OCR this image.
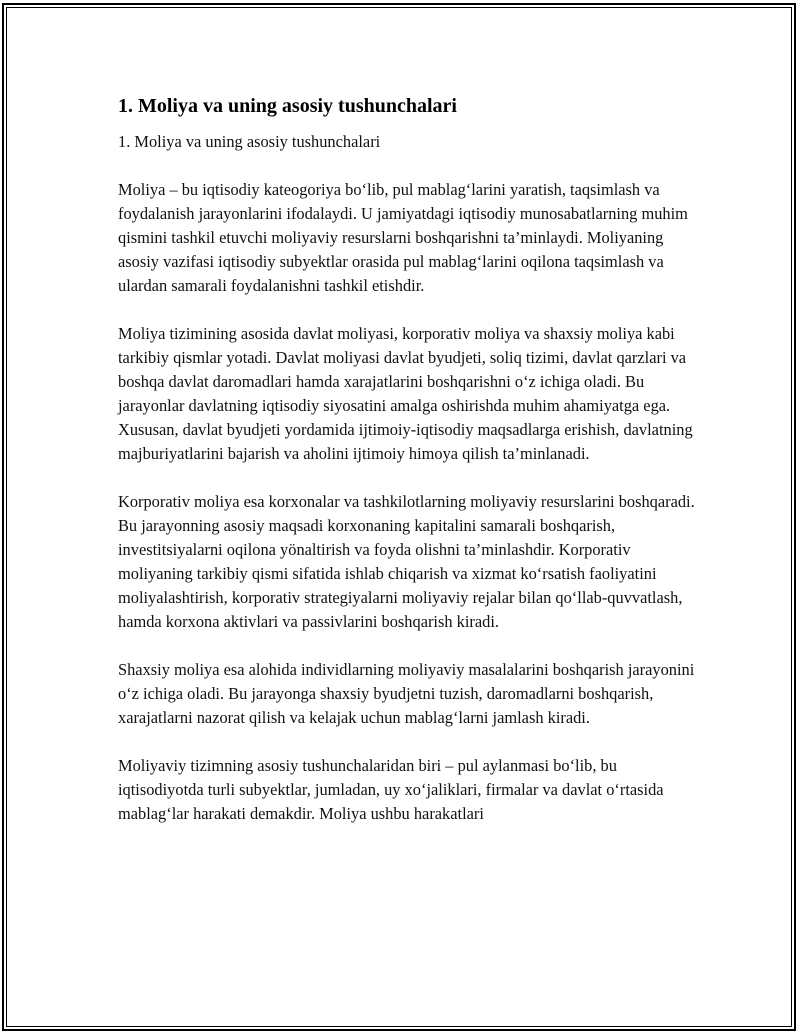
1. Moliya va uning asosiy tushunchalari
1. Moliya va uning asosiy tushunchalari

Moliya – bu iqtisodiy kateogoriya bo‘lib, pul mablag‘larini yaratish, taqsimlash va foydalanish jarayonlarini ifodalaydi. U jamiyatdagi iqtisodiy munosabatlarning muhim qismini tashkil etuvchi moliyaviy resurslarni boshqarishni ta’minlaydi. Moliyaning asosiy vazifasi iqtisodiy subyektlar orasida pul mablag‘larini oqilona taqsimlash va ulardan samarali foydalanishni tashkil etishdir.

Moliya tizimining asosida davlat moliyasi, korporativ moliya va shaxsiy moliya kabi tarkibiy qismlar yotadi. Davlat moliyasi davlat byudjeti, soliq tizimi, davlat qarzlari va boshqa davlat daromadlari hamda xarajatlarini boshqarishni o‘z ichiga oladi. Bu jarayonlar davlatning iqtisodiy siyosatini amalga oshirishda muhim ahamiyatga ega. Xususan, davlat byudjeti yordamida ijtimoiy-iqtisodiy maqsadlarga erishish, davlatning majburiyatlarini bajarish va aholini ijtimoiy himoya qilish ta’minlanadi.

Korporativ moliya esa korxonalar va tashkilotlarning moliyaviy resurslarini boshqaradi. Bu jarayonning asosiy maqsadi korxonaning kapitalini samarali boshqarish, investitsiyalarni oqilona yönaltirish va foyda olishni ta’minlashdir. Korporativ moliyaning tarkibiy qismi sifatida ishlab chiqarish va xizmat ko‘rsatish faoliyatini moliyalashtirish, korporativ strategiyalarni moliyaviy rejalar bilan qo‘llab-quvvatlash, hamda korxona aktivlari va passivlarini boshqarish kiradi.

Shaxsiy moliya esa alohida individlarning moliyaviy masalalarini boshqarish jarayonini o‘z ichiga oladi. Bu jarayonga shaxsiy byudjetni tuzish, daromadlarni boshqarish, xarajatlarni nazorat qilish va kelajak uchun mablag‘larni jamlash kiradi.

Moliyaviy tizimning asosiy tushunchalaridan biri – pul aylanmasi bo‘lib, bu iqtisodiyotda turli subyektlar, jumladan, uy xo‘jaliklari, firmalar va davlat o‘rtasida mablag‘lar harakati demakdir. Moliya ushbu harakatlari
